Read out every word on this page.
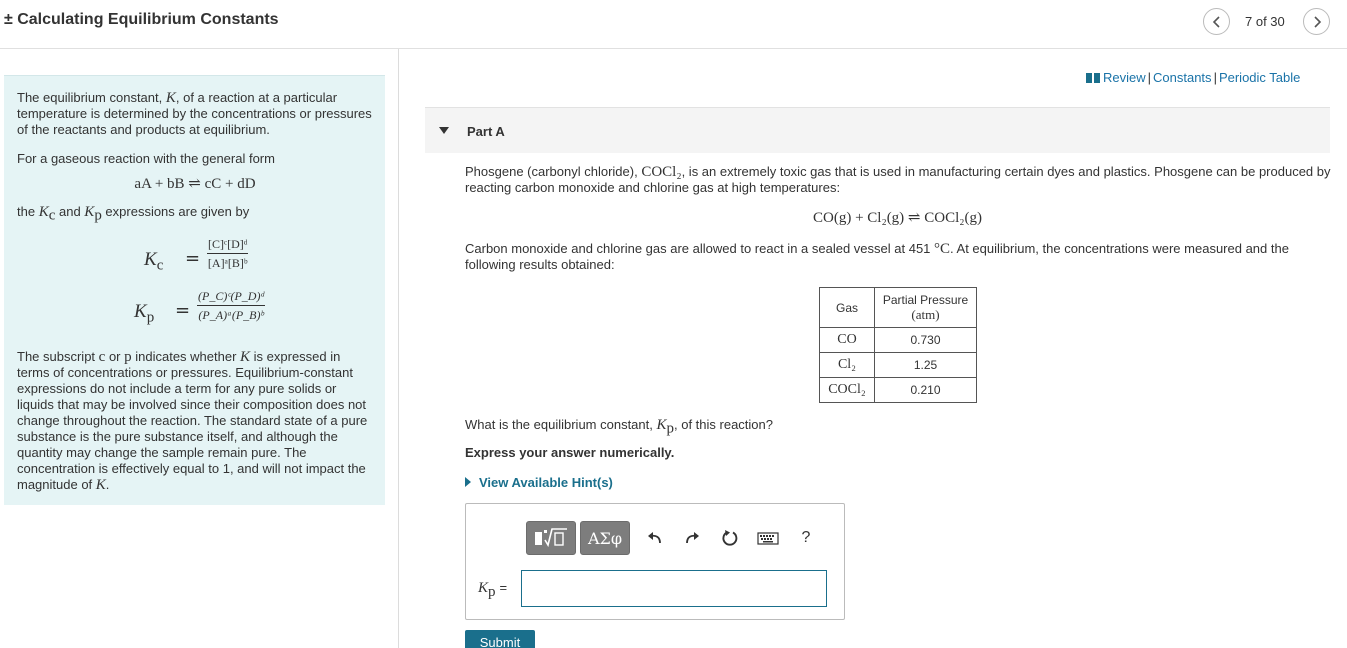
± Calculating Equilibrium Constants	7 of 30

The equilibrium constant, K, of a reaction at a particular temperature is determined by the concentrations or pressures of the reactants and products at equilibrium.

For a gaseous reaction with the general form

aA + bB ⇌ cC + dD

the $K_c$ and $K_p$ expressions are given by

$K_c = \frac{\text{[C]ᶜ[D]ᵈ}}{\text{[A]ᵃ[B]ᵇ}}$
$K_p = \frac{\text{(P\_C)ᶜ(P\_D)ᵈ}}{\text{(P\_A)ᵃ(P\_B)ᵇ}}$

The subscript c or p indicates whether K is expressed in terms of concentrations or pressures. Equilibrium-constant expressions do not include a term for any pure solids or liquids that may be involved since their composition does not change throughout the reaction. The standard state of a pure substance is the pure substance itself, and although the quantity may change the sample remain pure. The concentration is effectively equal to 1, and will not impact the magnitude of K.

Review | Constants | Periodic Table
Part A
Phosgene (carbonyl chloride), COCl₂, is an extremely toxic gas that is used in manufacturing certain dyes and plastics. Phosgene can be produced by reacting carbon monoxide and chlorine gas at high temperatures:
CO(g) + Cl₂(g) ⇌ COCl₂(g)
Carbon monoxide and chlorine gas are allowed to react in a sealed vessel at 451 °C. At equilibrium, the concentrations were measured and the following results obtained:
Gas	Partial Pressure
(atm)
CO	0.730
Cl₂	1.25
COCl₂	0.210
What is the equilibrium constant, $K_p$, of this reaction?
Express your answer numerically.
View Available Hint(s)
ΑΣφ	?
$K_p$ =
Submit
